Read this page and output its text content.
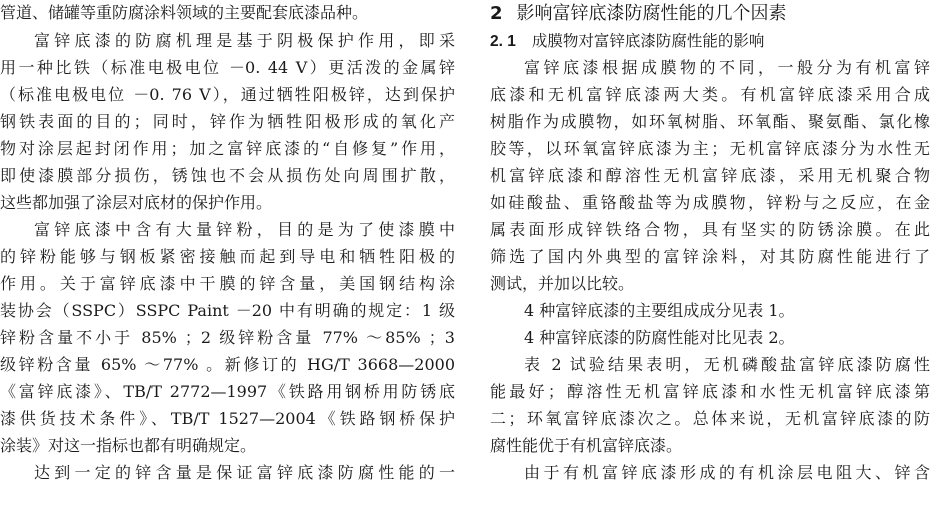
管道、储罐等重防腐涂料领域的主要配套底漆品种。
富锌底漆的防腐机理是基于阴极保护作用，即采
用一种比铁（标准电极电位 －0. 44 V）更活泼的金属锌
（标准电极电位 －0. 76 V），通过牺牲阳极锌，达到保护
钢铁表面的目的；同时，锌作为牺牲阳极形成的氧化产
物对涂层起封闭作用；加之富锌底漆的“自修复”作用，
即使漆膜部分损伤，锈蚀也不会从损伤处向周围扩散，
这些都加强了涂层对底材的保护作用。
富锌底漆中含有大量锌粉，目的是为了使漆膜中
的锌粉能够与钢板紧密接触而起到导电和牺牲阳极的
作用。关于富锌底漆中干膜的锌含量，美国钢结构涂
装协会（SSPC）SSPC Paint －20 中有明确的规定：1 级
锌粉含量不小于 85% ；2 级锌粉含量 77% ～85% ；3
级锌粉含量 65% ～77% 。新修订的 HG/T 3668—2000
《富锌底漆》、TB/T 2772—1997《铁路用钢桥用防锈底
漆供货技术条件》、TB/T 1527—2004《铁路钢桥保护
涂装》对这一指标也都有明确规定。
达到一定的锌含量是保证富锌底漆防腐性能的一
2 影响富锌底漆防腐性能的几个因素
2. 1 成膜物对富锌底漆防腐性能的影响
富锌底漆根据成膜物的不同，一般分为有机富锌
底漆和无机富锌底漆两大类。有机富锌底漆采用合成
树脂作为成膜物，如环氧树脂、环氧酯、聚氨酯、氯化橡
胶等，以环氧富锌底漆为主；无机富锌底漆分为水性无
机富锌底漆和醇溶性无机富锌底漆，采用无机聚合物
如硅酸盐、重铬酸盐等为成膜物，锌粉与之反应，在金
属表面形成锌铁络合物，具有坚实的防锈涂膜。在此
筛选了国内外典型的富锌涂料，对其防腐性能进行了
测试，并加以比较。
4 种富锌底漆的主要组成成分见表 1。
4 种富锌底漆的防腐性能对比见表 2。
表 2 试验结果表明，无机磷酸盐富锌底漆防腐性
能最好；醇溶性无机富锌底漆和水性无机富锌底漆第
二；环氧富锌底漆次之。总体来说，无机富锌底漆的防
腐性能优于有机富锌底漆。
由于有机富锌底漆形成的有机涂层电阻大、锌含
